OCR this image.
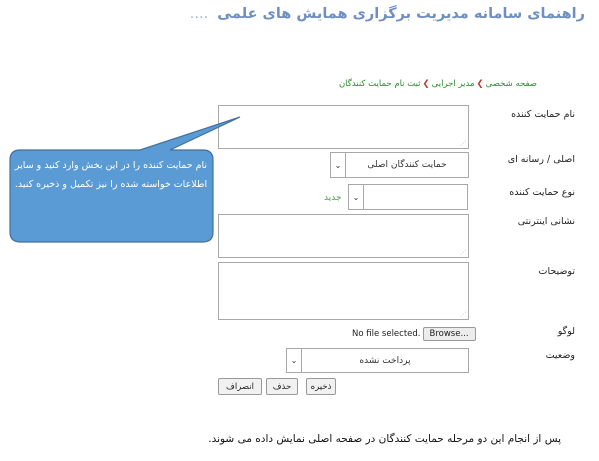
راهنمای سامانه مدیریت برگزاری همایش های علمی ....
صفحه شخصی❯مدیر اجرایی❯ثبت نام حمایت کنندگان
نام حمایت کننده
⋰
اصلی / رسانه ای
حمایت کنندگان اصلی
⌄
نوع حمایت کننده
⌄
جدید
نشانی اینترنتی
⋰
توضیحات
⋰
لوگو
No file selected.	Browse...
وضعیت
پرداخت نشده
⌄
ذخیره
حذف
انصراف
نام حمایت کننده را در این بخش وارد کنید و سایر اطلاعات خواسته شده را نیز تکمیل و ذخیره کنید.
پس از انجام این دو مرحله حمایت کنندگان در صفحه اصلی نمایش داده می شوند.
